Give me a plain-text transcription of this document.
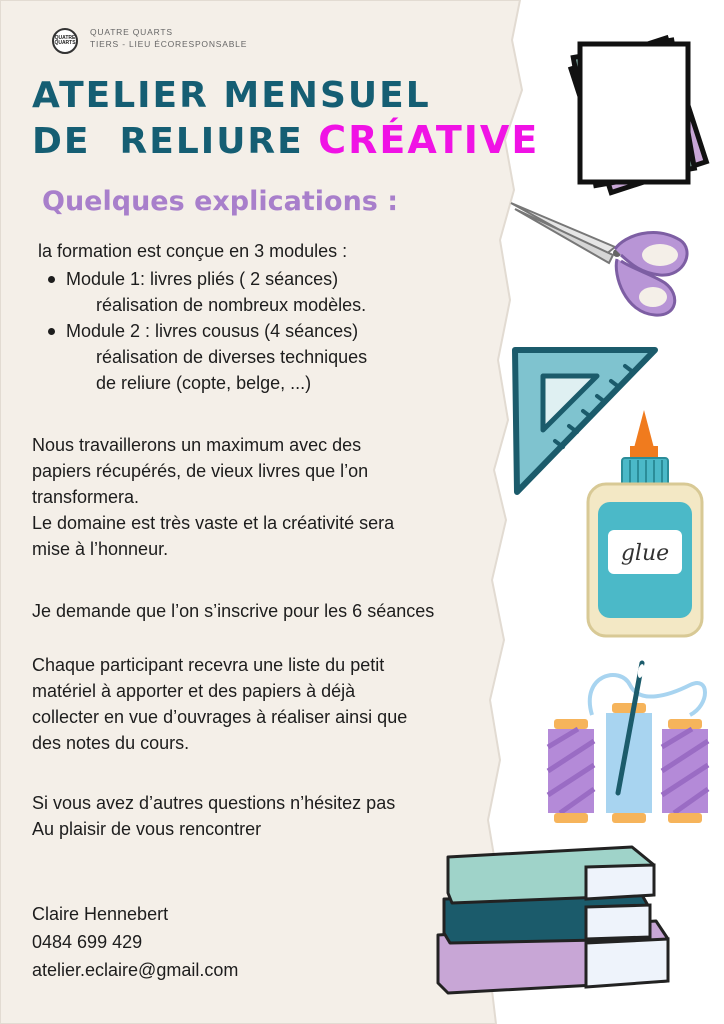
QUATRE QUARTS
QUATRE QUARTS
TIERS - LIEU ÉCORESPONSABLE
ATELIER MENSUEL
DE  RELIURE CRÉATIVE
Quelques explications :
la formation est conçue en 3 modules :
Module 1: livres pliés ( 2 séances)
réalisation de nombreux modèles.
Module 2 : livres cousus (4 séances)
réalisation de diverses techniques
de reliure (copte, belge, ...)
Nous travaillerons un maximum avec des
papiers récupérés, de vieux livres que l’on
transformera.
Le domaine est très vaste et la créativité sera
mise à l’honneur.
Je demande que l’on s’inscrive pour les 6 séances
Chaque participant recevra une liste du petit
matériel à apporter et des papiers à déjà
collecter en vue d’ouvrages à réaliser ainsi que
des notes du cours.
Si vous avez d’autres questions n’hésitez pas
Au plaisir de vous rencontrer
Claire Hennebert
0484 699 429
atelier.eclaire@gmail.com
glue
